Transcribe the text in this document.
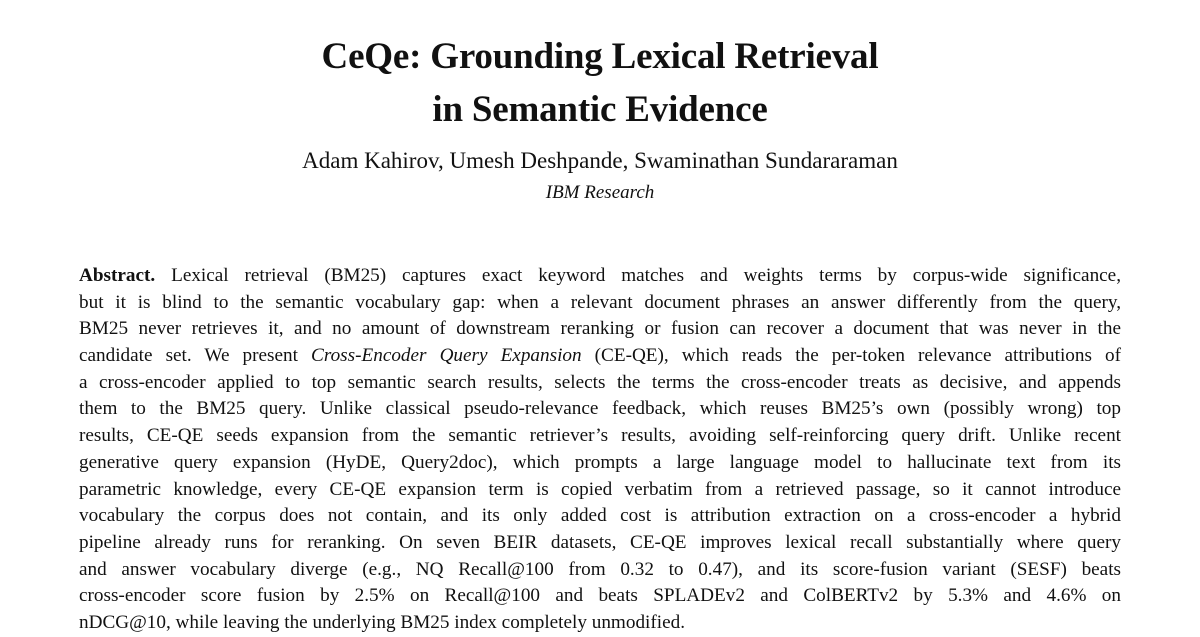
CeQe: Grounding Lexical Retrieval
in Semantic Evidence
Adam Kahirov, Umesh Deshpande, Swaminathan Sundararaman
IBM Research
Abstract. Lexical retrieval (BM25) captures exact keyword matches and weights terms by corpus-wide significance,
but it is blind to the semantic vocabulary gap: when a relevant document phrases an answer differently from the query,
BM25 never retrieves it, and no amount of downstream reranking or fusion can recover a document that was never in the
candidate set. We present Cross-Encoder Query Expansion (CE-QE), which reads the per-token relevance attributions of
a cross-encoder applied to top semantic search results, selects the terms the cross-encoder treats as decisive, and appends
them to the BM25 query. Unlike classical pseudo-relevance feedback, which reuses BM25’s own (possibly wrong) top
results, CE-QE seeds expansion from the semantic retriever’s results, avoiding self-reinforcing query drift. Unlike recent
generative query expansion (HyDE, Query2doc), which prompts a large language model to hallucinate text from its
parametric knowledge, every CE-QE expansion term is copied verbatim from a retrieved passage, so it cannot introduce
vocabulary the corpus does not contain, and its only added cost is attribution extraction on a cross-encoder a hybrid
pipeline already runs for reranking. On seven BEIR datasets, CE-QE improves lexical recall substantially where query
and answer vocabulary diverge (e.g., NQ Recall@100 from 0.32 to 0.47), and its score-fusion variant (SESF) beats
cross-encoder score fusion by 2.5% on Recall@100 and beats SPLADEv2 and ColBERTv2 by 5.3% and 4.6% on
nDCG@10, while leaving the underlying BM25 index completely unmodified.
